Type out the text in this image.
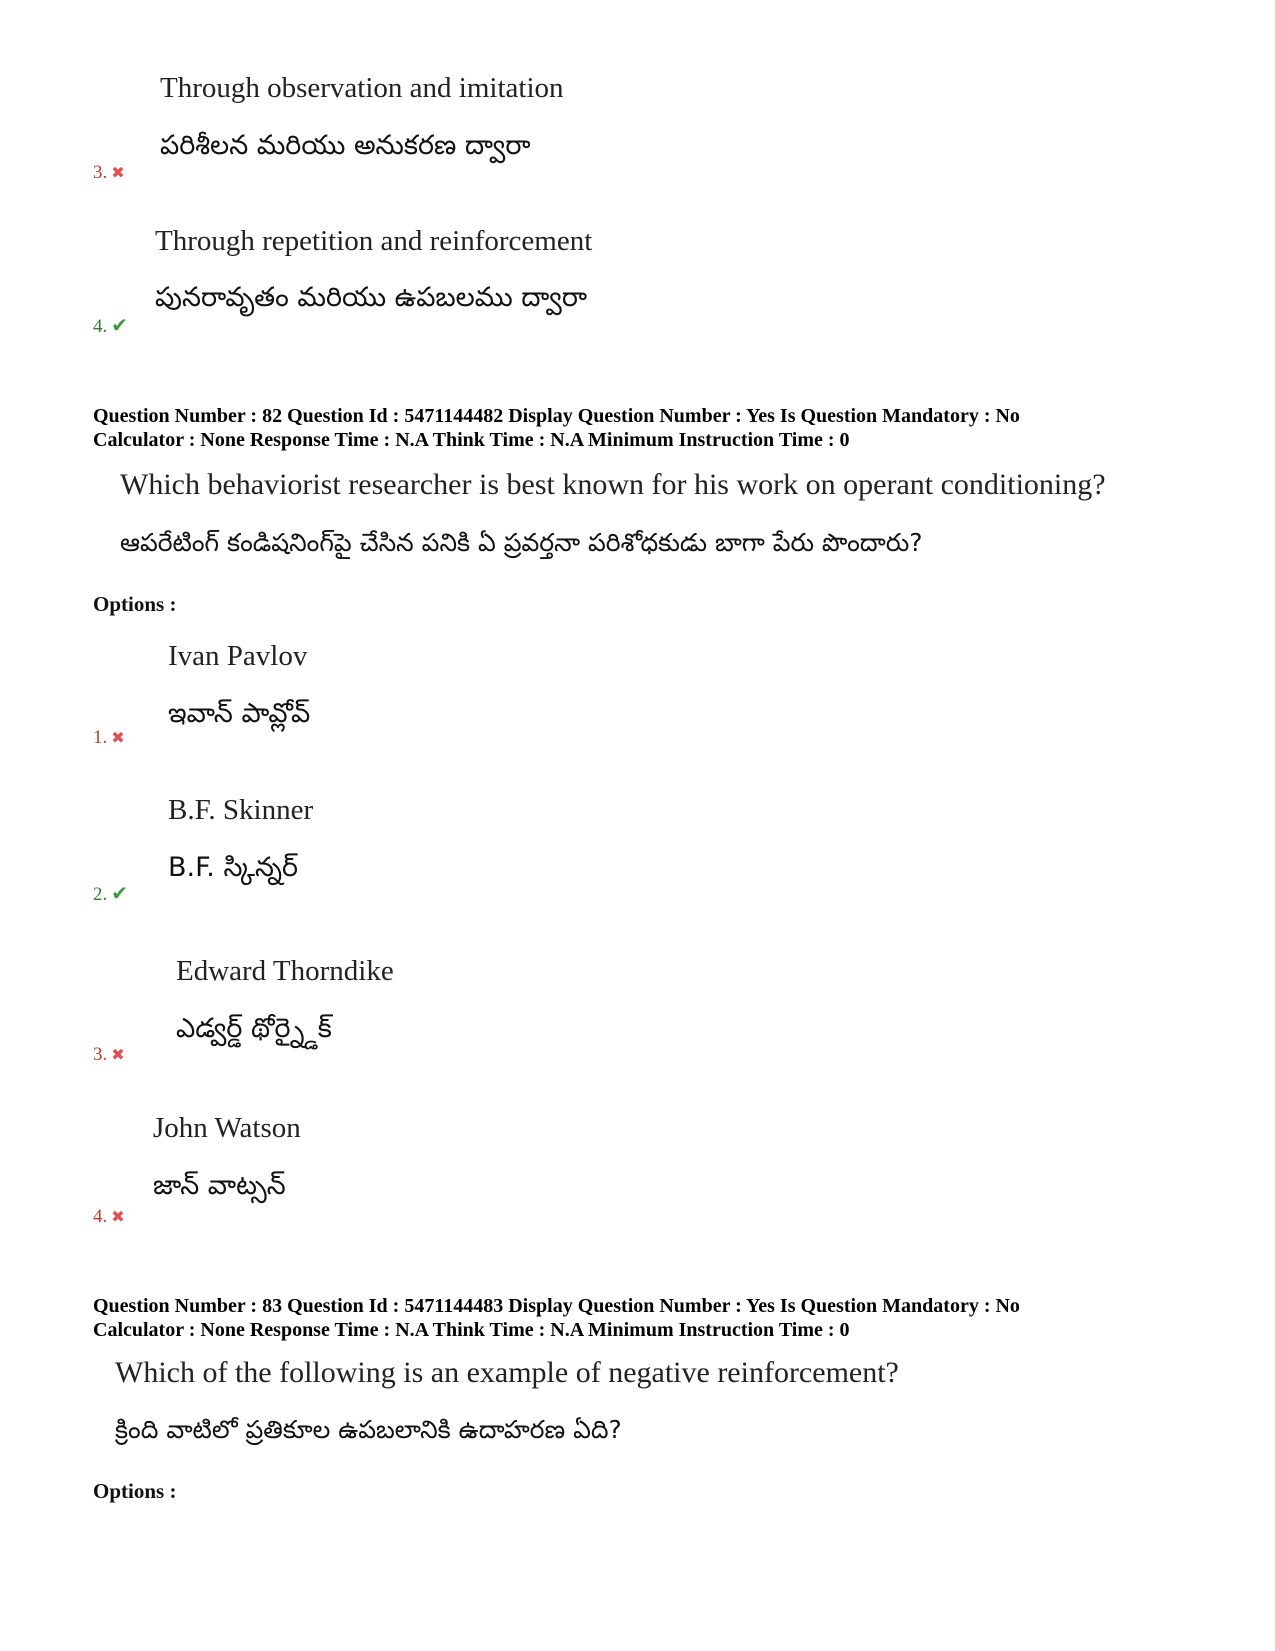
Through observation and imitation
పరిశీలన మరియు అనుకరణ ద్వారా
3. ✖
Through repetition and reinforcement
పునరావృతం మరియు ఉపబలము ద్వారా
4. ✔
Question Number : 82 Question Id : 5471144482 Display Question Number : Yes Is Question Mandatory : No
Calculator : None Response Time : N.A Think Time : N.A Minimum Instruction Time : 0
Which behaviorist researcher is best known for his work on operant conditioning?
ఆపరేటింగ్ కండిషనింగ్‌పై చేసిన పనికి ఏ ప్రవర్తనా పరిశోధకుడు బాగా పేరు పొందారు?
Options :
Ivan Pavlov
ఇవాన్ పావ్లోవ్
1. ✖
B.F. Skinner
B.F. స్కిన్నర్
2. ✔
Edward Thorndike
ఎడ్వర్డ్ థోర్న్డైక్
3. ✖
John Watson
జాన్ వాట్సన్
4. ✖
Question Number : 83 Question Id : 5471144483 Display Question Number : Yes Is Question Mandatory : No
Calculator : None Response Time : N.A Think Time : N.A Minimum Instruction Time : 0
Which of the following is an example of negative reinforcement?
క్రింది వాటిలో ప్రతికూల ఉపబలానికి ఉదాహరణ ఏది?
Options :
